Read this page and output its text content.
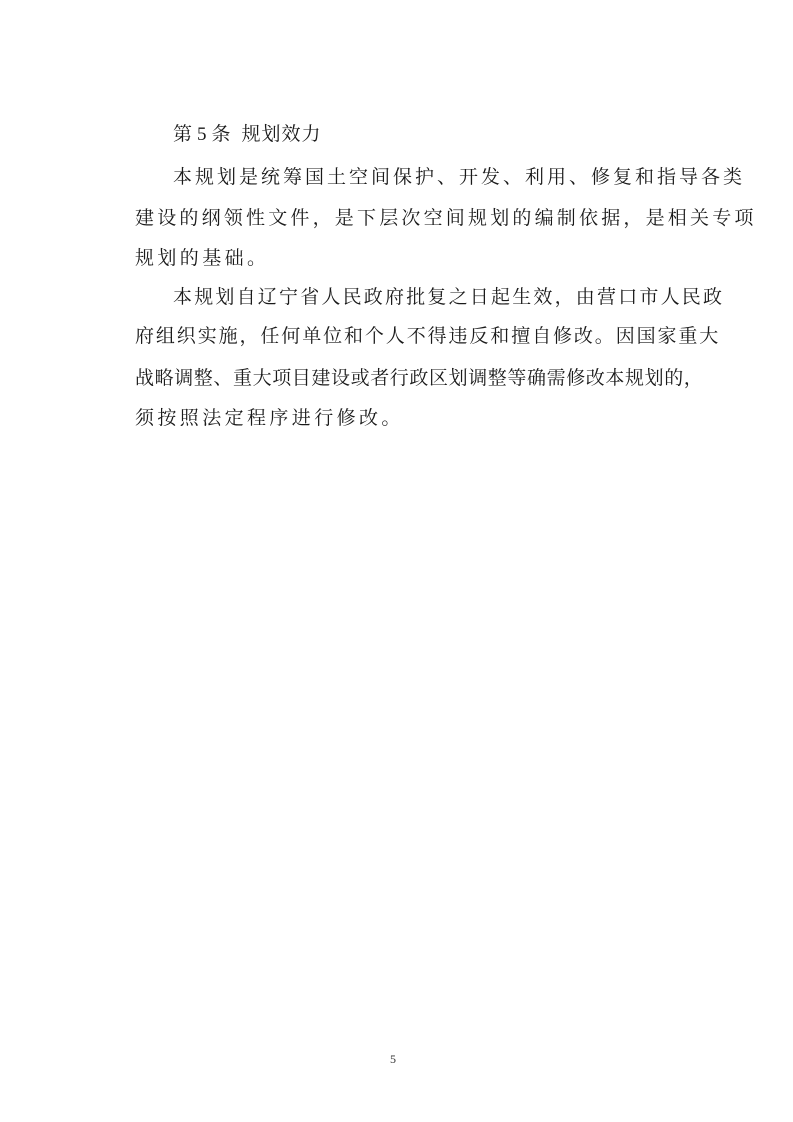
第 5 条 规划效力
本规划是统筹国土空间保护、开发、利用、修复和指导各类
建设的纲领性文件，是下层次空间规划的编制依据，是相关专项
规划的基础。
本规划自辽宁省人民政府批复之日起生效，由营口市人民政
府组织实施，任何单位和个人不得违反和擅自修改。因国家重大
战略调整、重大项目建设或者行政区划调整等确需修改本规划的，
须按照法定程序进行修改。
5
